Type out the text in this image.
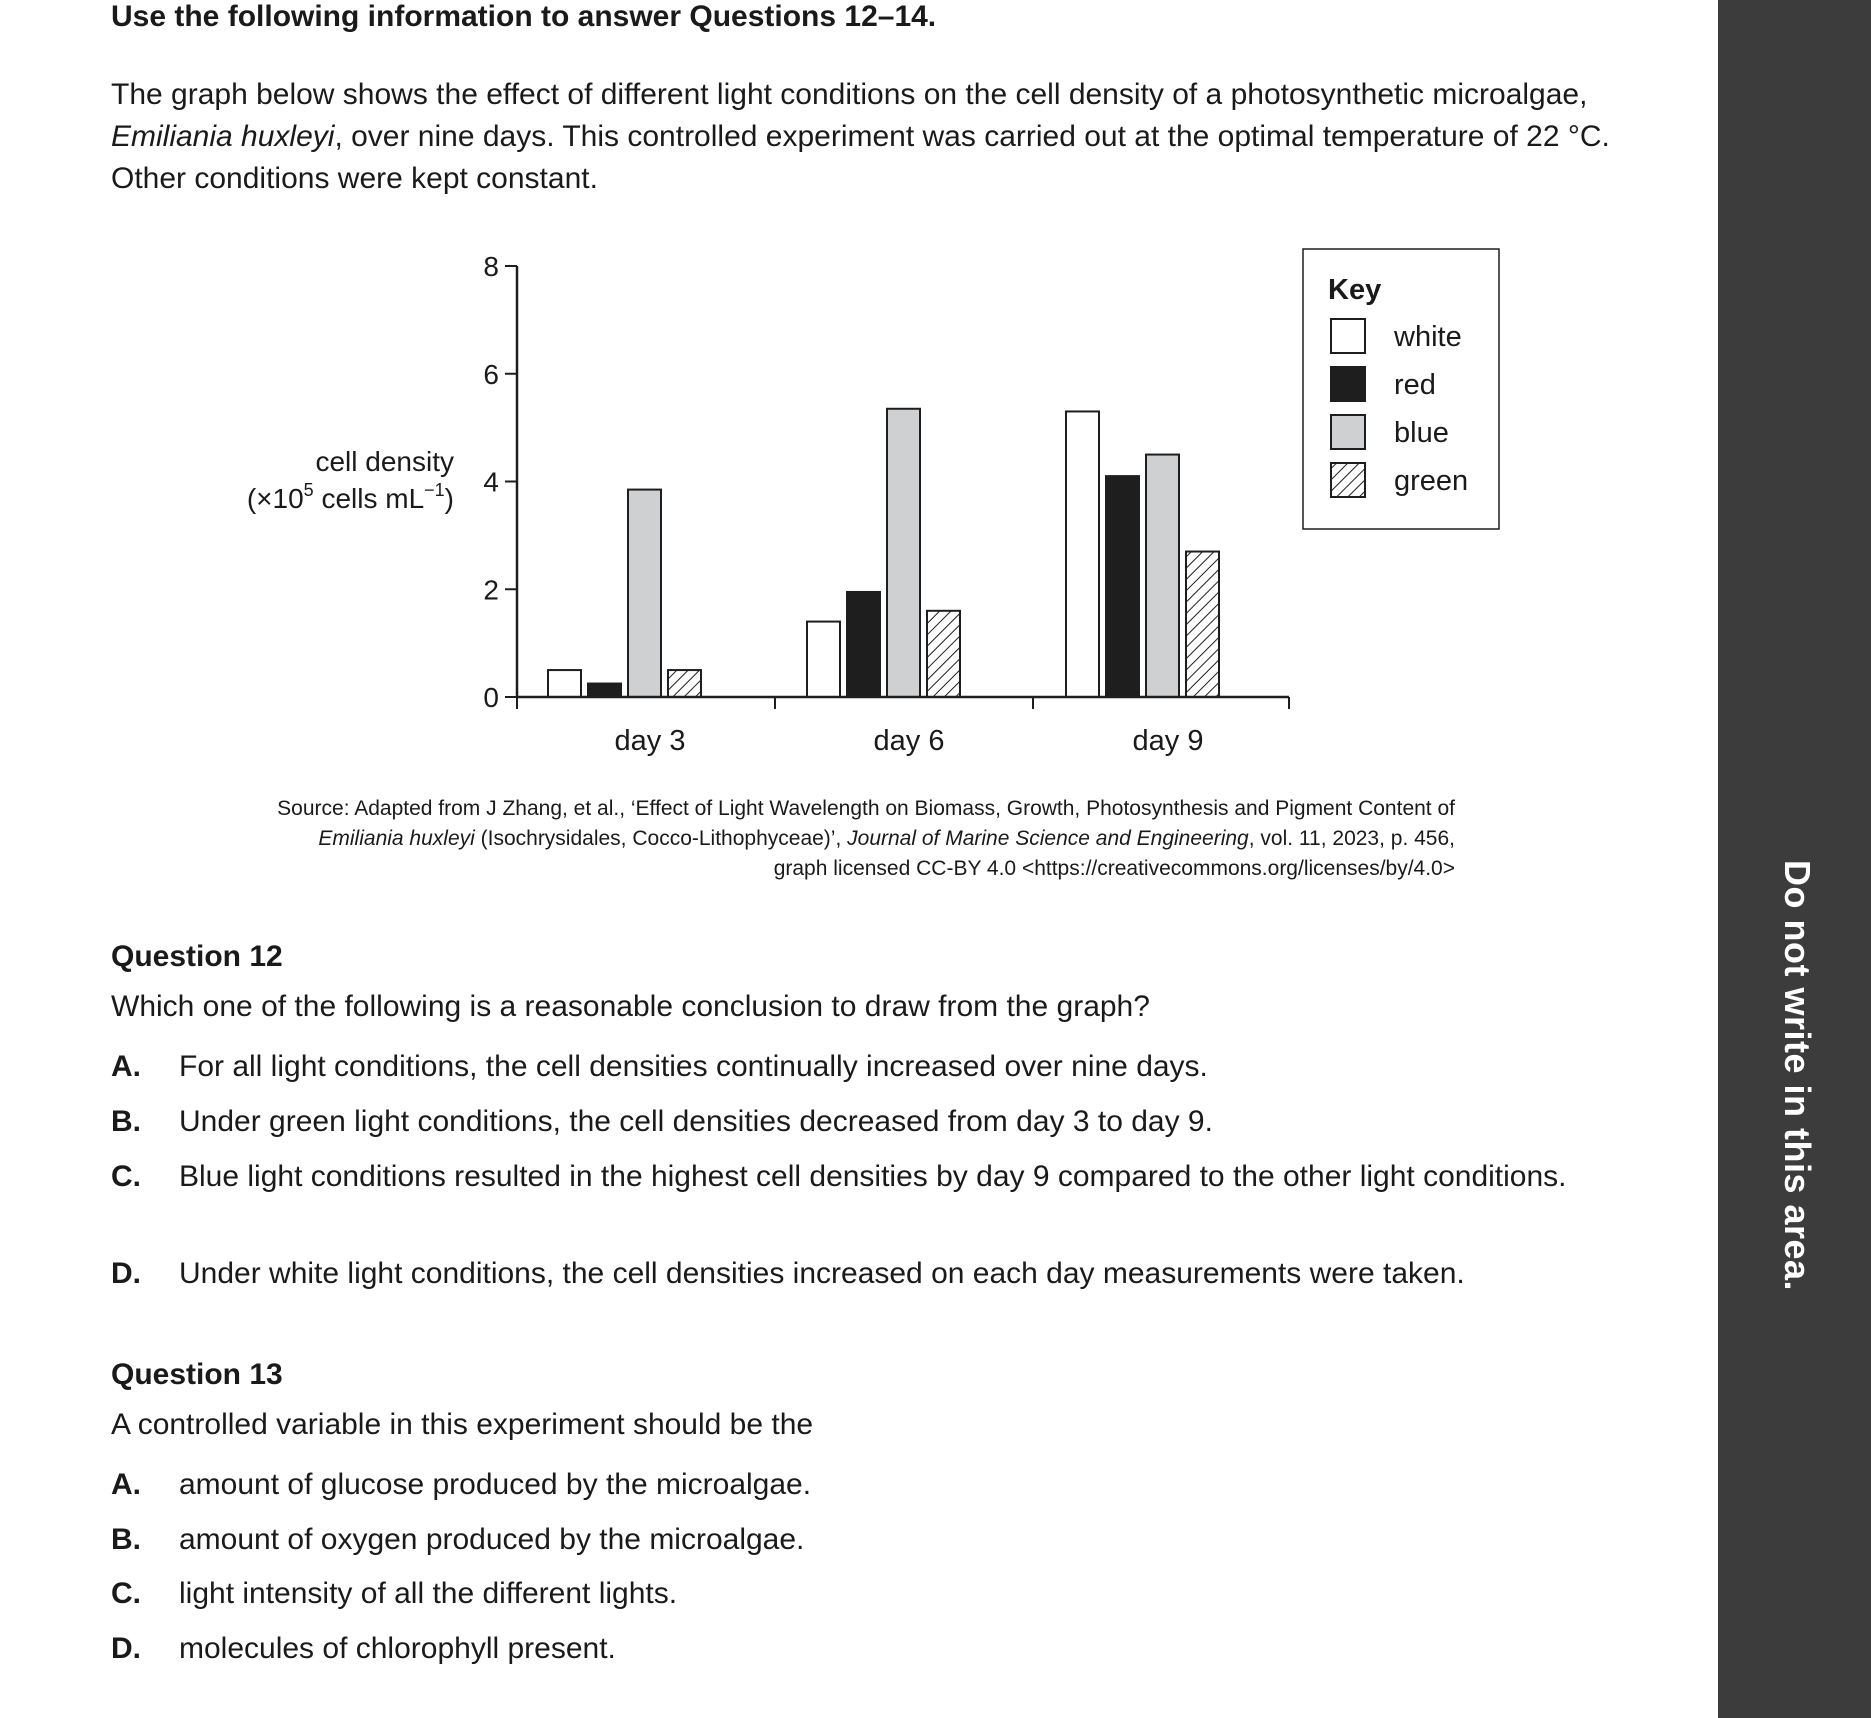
Use the following information to answer Questions 12–14.

The graph below shows the effect of different light conditions on the cell density of a photosynthetic microalgae, Emiliania huxleyi, over nine days. This controlled experiment was carried out at the optimal temperature of 22 °C. Other conditions were kept constant.

cell density
($\times 10^5$ cells $mL^{-1}$)
0
2
4
6
8
day 3	day 6	day 9
Key
white
red
blue
green

Source: Adapted from J Zhang, et al., ‘Effect of Light Wavelength on Biomass, Growth, Photosynthesis and Pigment Content of

Emiliania huxleyi (Isochrysidales, Cocco-Lithophyceae)’, Journal of Marine Science and Engineering, vol. 11, 2023, p. 456,

graph licensed CC-BY 4.0 <https://creativecommons.org/licenses/by/4.0>

Question 12
Which one of the following is a reasonable conclusion to draw from the graph?
A. For all light conditions, the cell densities continually increased over nine days.
B. Under green light conditions, the cell densities decreased from day 3 to day 9.
C. Blue light conditions resulted in the highest cell densities by day 9 compared to the other light conditions.
D. Under white light conditions, the cell densities increased on each day measurements were taken.
Question 13
A controlled variable in this experiment should be the
A. amount of glucose produced by the microalgae.
B. amount of oxygen produced by the microalgae.
C. light intensity of all the different lights.
D. molecules of chlorophyll present.
Do not write in this area.
